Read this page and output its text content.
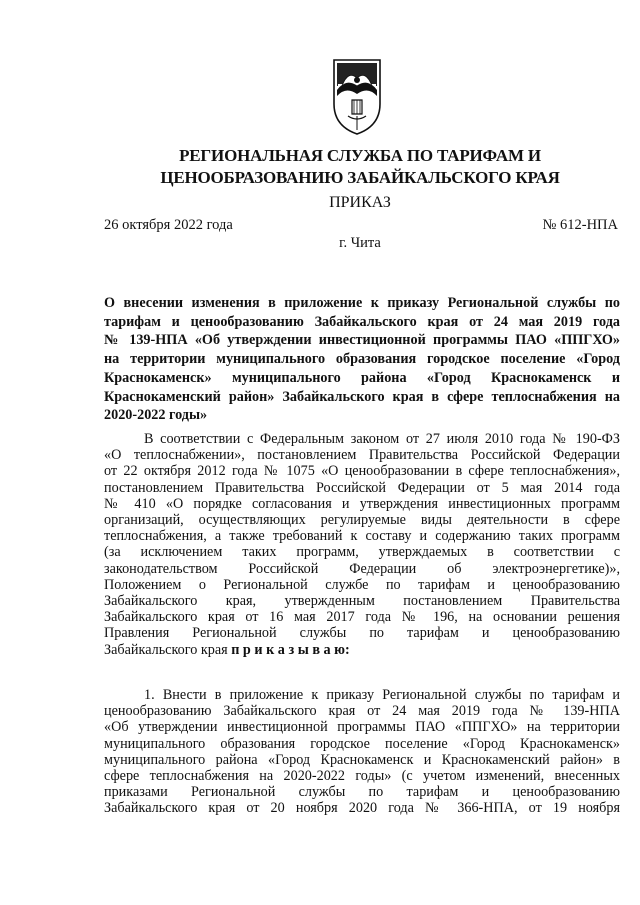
РЕГИОНАЛЬНАЯ СЛУЖБА ПО ТАРИФАМ И
ЦЕНООБРАЗОВАНИЮ ЗАБАЙКАЛЬСКОГО КРАЯ
ПРИКАЗ
26 октября 2022 года	№ 612-НПА
г. Чита
О внесении изменения в приложение к приказу Региональной службы по
тарифам и ценообразованию Забайкальского края от 24 мая 2019 года
№ 139-НПА «Об утверждении инвестиционной программы ПАО «ППГХО»
на территории муниципального образования городское поселение «Город
Краснокаменск» муниципального района «Город Краснокаменск и
Краснокаменский район» Забайкальского края в сфере теплоснабжения на
2020-2022 годы»
В соответствии с Федеральным законом от 27 июля 2010 года № 190-ФЗ
«О теплоснабжении», постановлением Правительства Российской Федерации
от 22 октября 2012 года № 1075 «О ценообразовании в сфере теплоснабжения»,
постановлением Правительства Российской Федерации от 5 мая 2014 года
№ 410 «О порядке согласования и утверждения инвестиционных программ
организаций, осуществляющих регулируемые виды деятельности в сфере
теплоснабжения, а также требований к составу и содержанию таких программ
(за исключением таких программ, утверждаемых в соответствии с
законодательством Российской Федерации об электроэнергетике)»,
Положением о Региональной службе по тарифам и ценообразованию
Забайкальского края, утвержденным постановлением Правительства
Забайкальского края от 16 мая 2017 года № 196, на основании решения
Правления Региональной службы по тарифам и ценообразованию
Забайкальского края п р и к а з ы в а ю:
1. Внести в приложение к приказу Региональной службы по тарифам и
ценообразованию Забайкальского края от 24 мая 2019 года № 139-НПА
«Об утверждении инвестиционной программы ПАО «ППГХО» на территории
муниципального образования городское поселение «Город Краснокаменск»
муниципального района «Город Краснокаменск и Краснокаменский район» в
сфере теплоснабжения на 2020-2022 годы» (с учетом изменений, внесенных
приказами Региональной службы по тарифам и ценообразованию
Забайкальского края от 20 ноября 2020 года № 366-НПА, от 19 ноября
